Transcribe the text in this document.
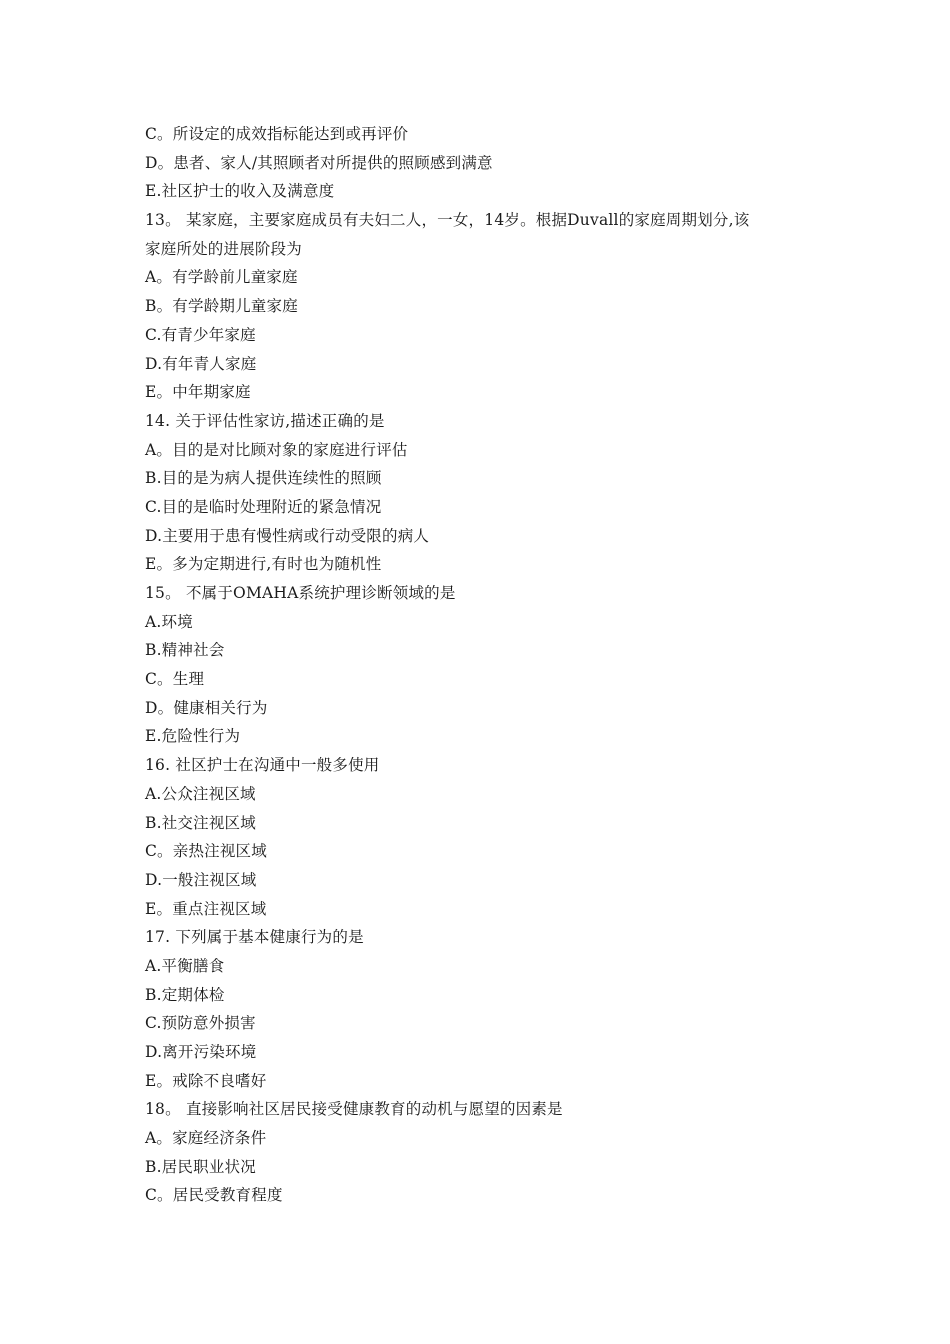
C。所设定的成效指标能达到或再评价
D。患者、家人/其照顾者对所提供的照顾感到满意
E.社区护士的收入及满意度
13。 某家庭，主要家庭成员有夫妇二人，一女，14岁。根据Duvall的家庭周期划分,该
家庭所处的进展阶段为
A。有学龄前儿童家庭
B。有学龄期儿童家庭
C.有青少年家庭
D.有年青人家庭
E。中年期家庭
14. 关于评估性家访,描述正确的是
A。目的是对比顾对象的家庭进行评估
B.目的是为病人提供连续性的照顾
C.目的是临时处理附近的紧急情况
D.主要用于患有慢性病或行动受限的病人
E。多为定期进行,有时也为随机性
15。 不属于OMAHA系统护理诊断领域的是
A.环境
B.精神社会
C。生理
D。健康相关行为
E.危险性行为
16. 社区护士在沟通中一般多使用
A.公众注视区域
B.社交注视区域
C。亲热注视区域
D.一般注视区域
E。重点注视区域
17. 下列属于基本健康行为的是
A.平衡膳食
B.定期体检
C.预防意外损害
D.离开污染环境
E。戒除不良嗜好
18。 直接影响社区居民接受健康教育的动机与愿望的因素是
A。家庭经济条件
B.居民职业状况
C。居民受教育程度
